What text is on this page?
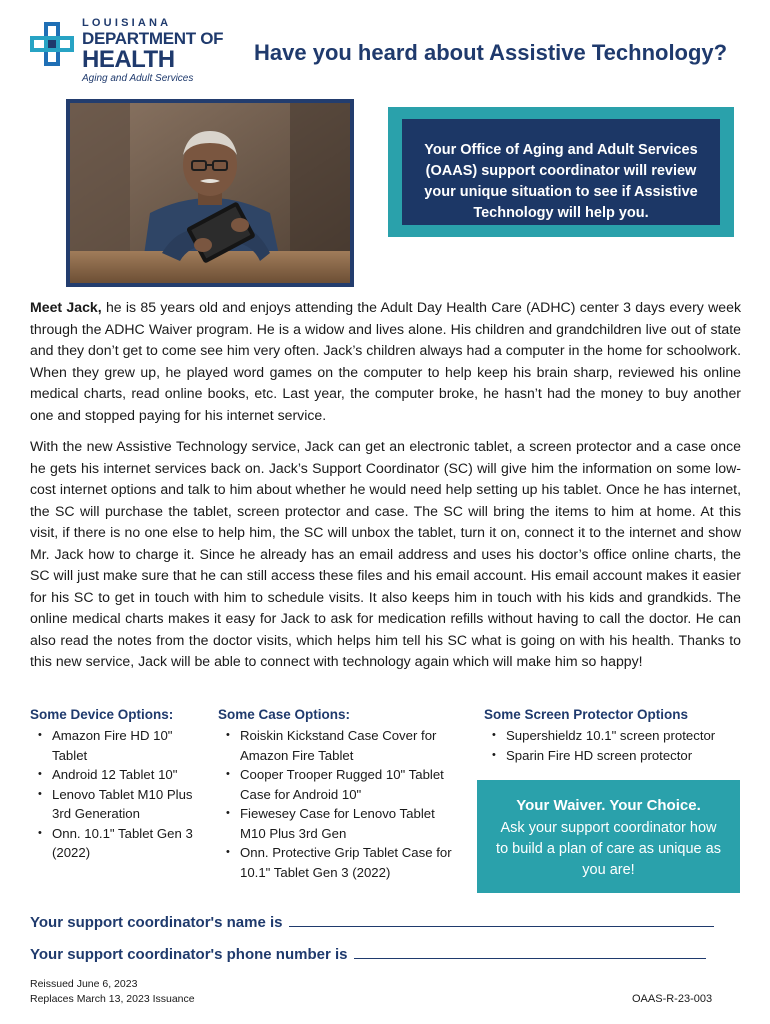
LOUISIANA
DEPARTMENT OF
HEALTH
Aging and Adult Services
Have you heard about Assistive Technology?
Your Office of Aging and Adult Services (OAAS) support coordinator will review your unique situation to see if Assistive Technology will help you.
Meet Jack, he is 85 years old and enjoys attending the Adult Day Health Care (ADHC) center 3 days every week through the ADHC Waiver program. He is a widow and lives alone. His children and grandchildren live out of state and they don’t get to come see him very often. Jack’s children always had a computer in the home for schoolwork. When they grew up, he played word games on the computer to help keep his brain sharp, reviewed his online medical charts, read online books, etc. Last year, the computer broke, he hasn’t had the money to buy another one and stopped paying for his internet service.
With the new Assistive Technology service, Jack can get an electronic tablet, a screen protector and a case once he gets his internet services back on. Jack’s Support Coordinator (SC) will give him the information on some low-cost internet options and talk to him about whether he would need help setting up his tablet. Once he has internet, the SC will purchase the tablet, screen protector and case. The SC will bring the items to him at home. At this visit, if there is no one else to help him, the SC will unbox the tablet, turn it on, connect it to the internet and show Mr. Jack how to charge it. Since he already has an email address and uses his doctor’s office online charts, the SC will just make sure that he can still access these files and his email account. His email account makes it easier for his SC to get in touch with him to schedule visits. It also keeps him in touch with his kids and grandkids. The online medical charts makes it easy for Jack to ask for medication refills without having to call the doctor. He can also read the notes from the doctor visits, which helps him tell his SC what is going on with his health. Thanks to this new service, Jack will be able to connect with technology again which will make him so happy!
Some Device Options:
• Amazon Fire HD 10" Tablet
• Android 12 Tablet 10"
• Lenovo Tablet M10 Plus 3rd Generation
• Onn. 10.1" Tablet Gen 3 (2022)
Some Case Options:
• Roiskin Kickstand Case Cover for Amazon Fire Tablet
• Cooper Trooper Rugged 10" Tablet Case for Android 10"
• Fiewesey Case for Lenovo Tablet M10 Plus 3rd Gen
• Onn. Protective Grip Tablet Case for 10.1" Tablet Gen 3 (2022)
Some Screen Protector Options
• Supershieldz 10.1" screen protector
• Sparin Fire HD screen protector
Your Waiver. Your Choice.
Ask your support coordinator how to build a plan of care as unique as you are!
Your support coordinator's name is
Your support coordinator's phone number is
Reissued June 6, 2023
Replaces March 13, 2023 Issuance	OAAS-R-23-003
